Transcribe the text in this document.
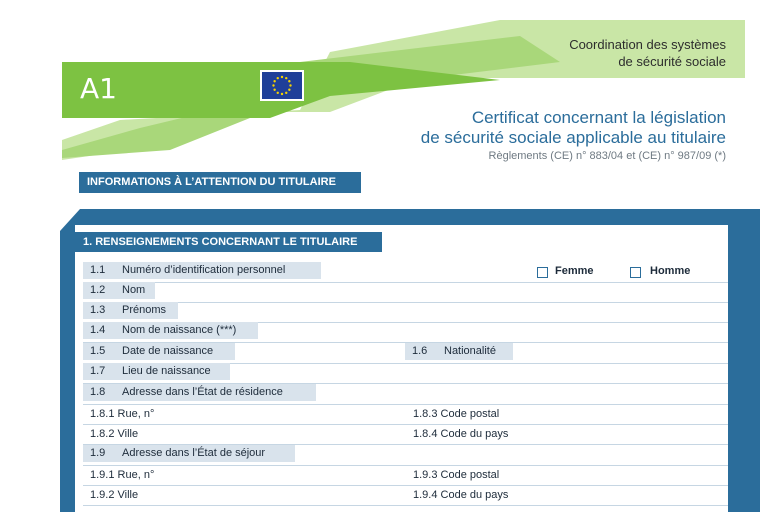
A1
Coordination des systèmes
de sécurité sociale
Certificat concernant la législation
de sécurité sociale applicable au titulaire
Règlements (CE) n° 883/04 et (CE) n° 987/09 (*)
INFORMATIONS À L’ATTENTION DU TITULAIRE
1. RENSEIGNEMENTS CONCERNANT LE TITULAIRE
Femme	Homme
1.1 Numéro d’identification personnel
1.2 Nom
1.3 Prénoms
1.4 Nom de naissance (***)
1.5 Date de naissance	1.6 Nationalité
1.7 Lieu de naissance
1.8 Adresse dans l’État de résidence
1.8.1 Rue, n°	1.8.3 Code postal
1.8.2 Ville	1.8.4 Code du pays
1.9 Adresse dans l’État de séjour
1.9.1 Rue, n°	1.9.3 Code postal
1.9.2 Ville	1.9.4 Code du pays
